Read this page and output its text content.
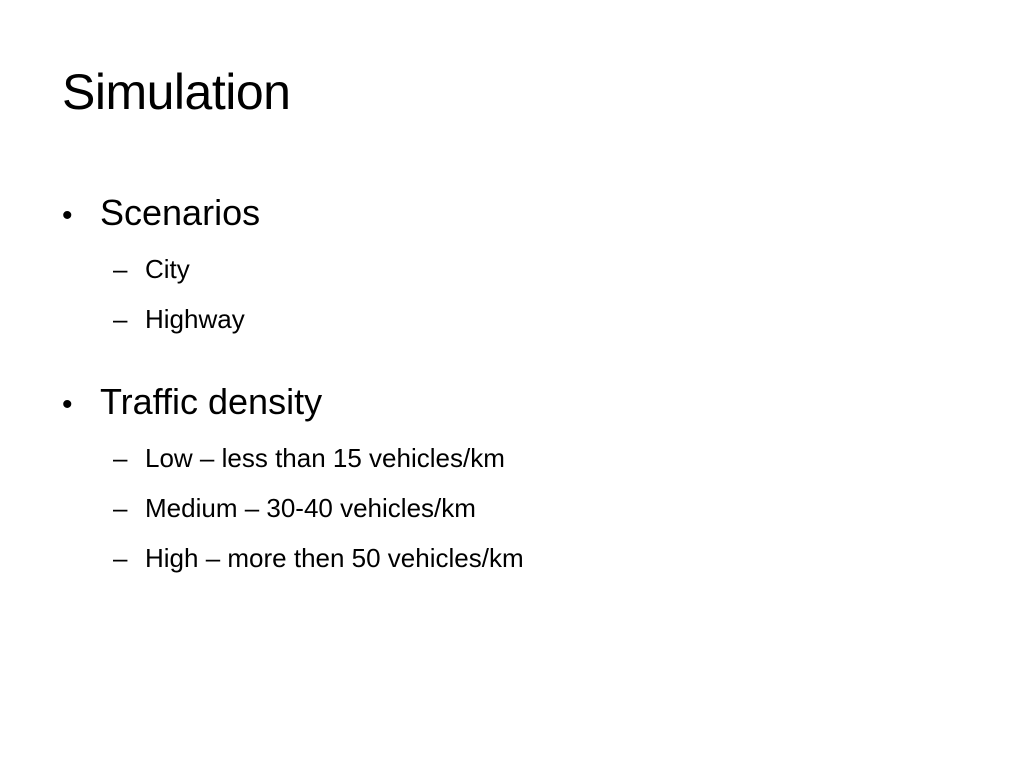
Simulation
• Scenarios
– City
– Highway
• Traffic density
– Low – less than 15 vehicles/km
– Medium – 30-40 vehicles/km
– High – more then 50 vehicles/km
